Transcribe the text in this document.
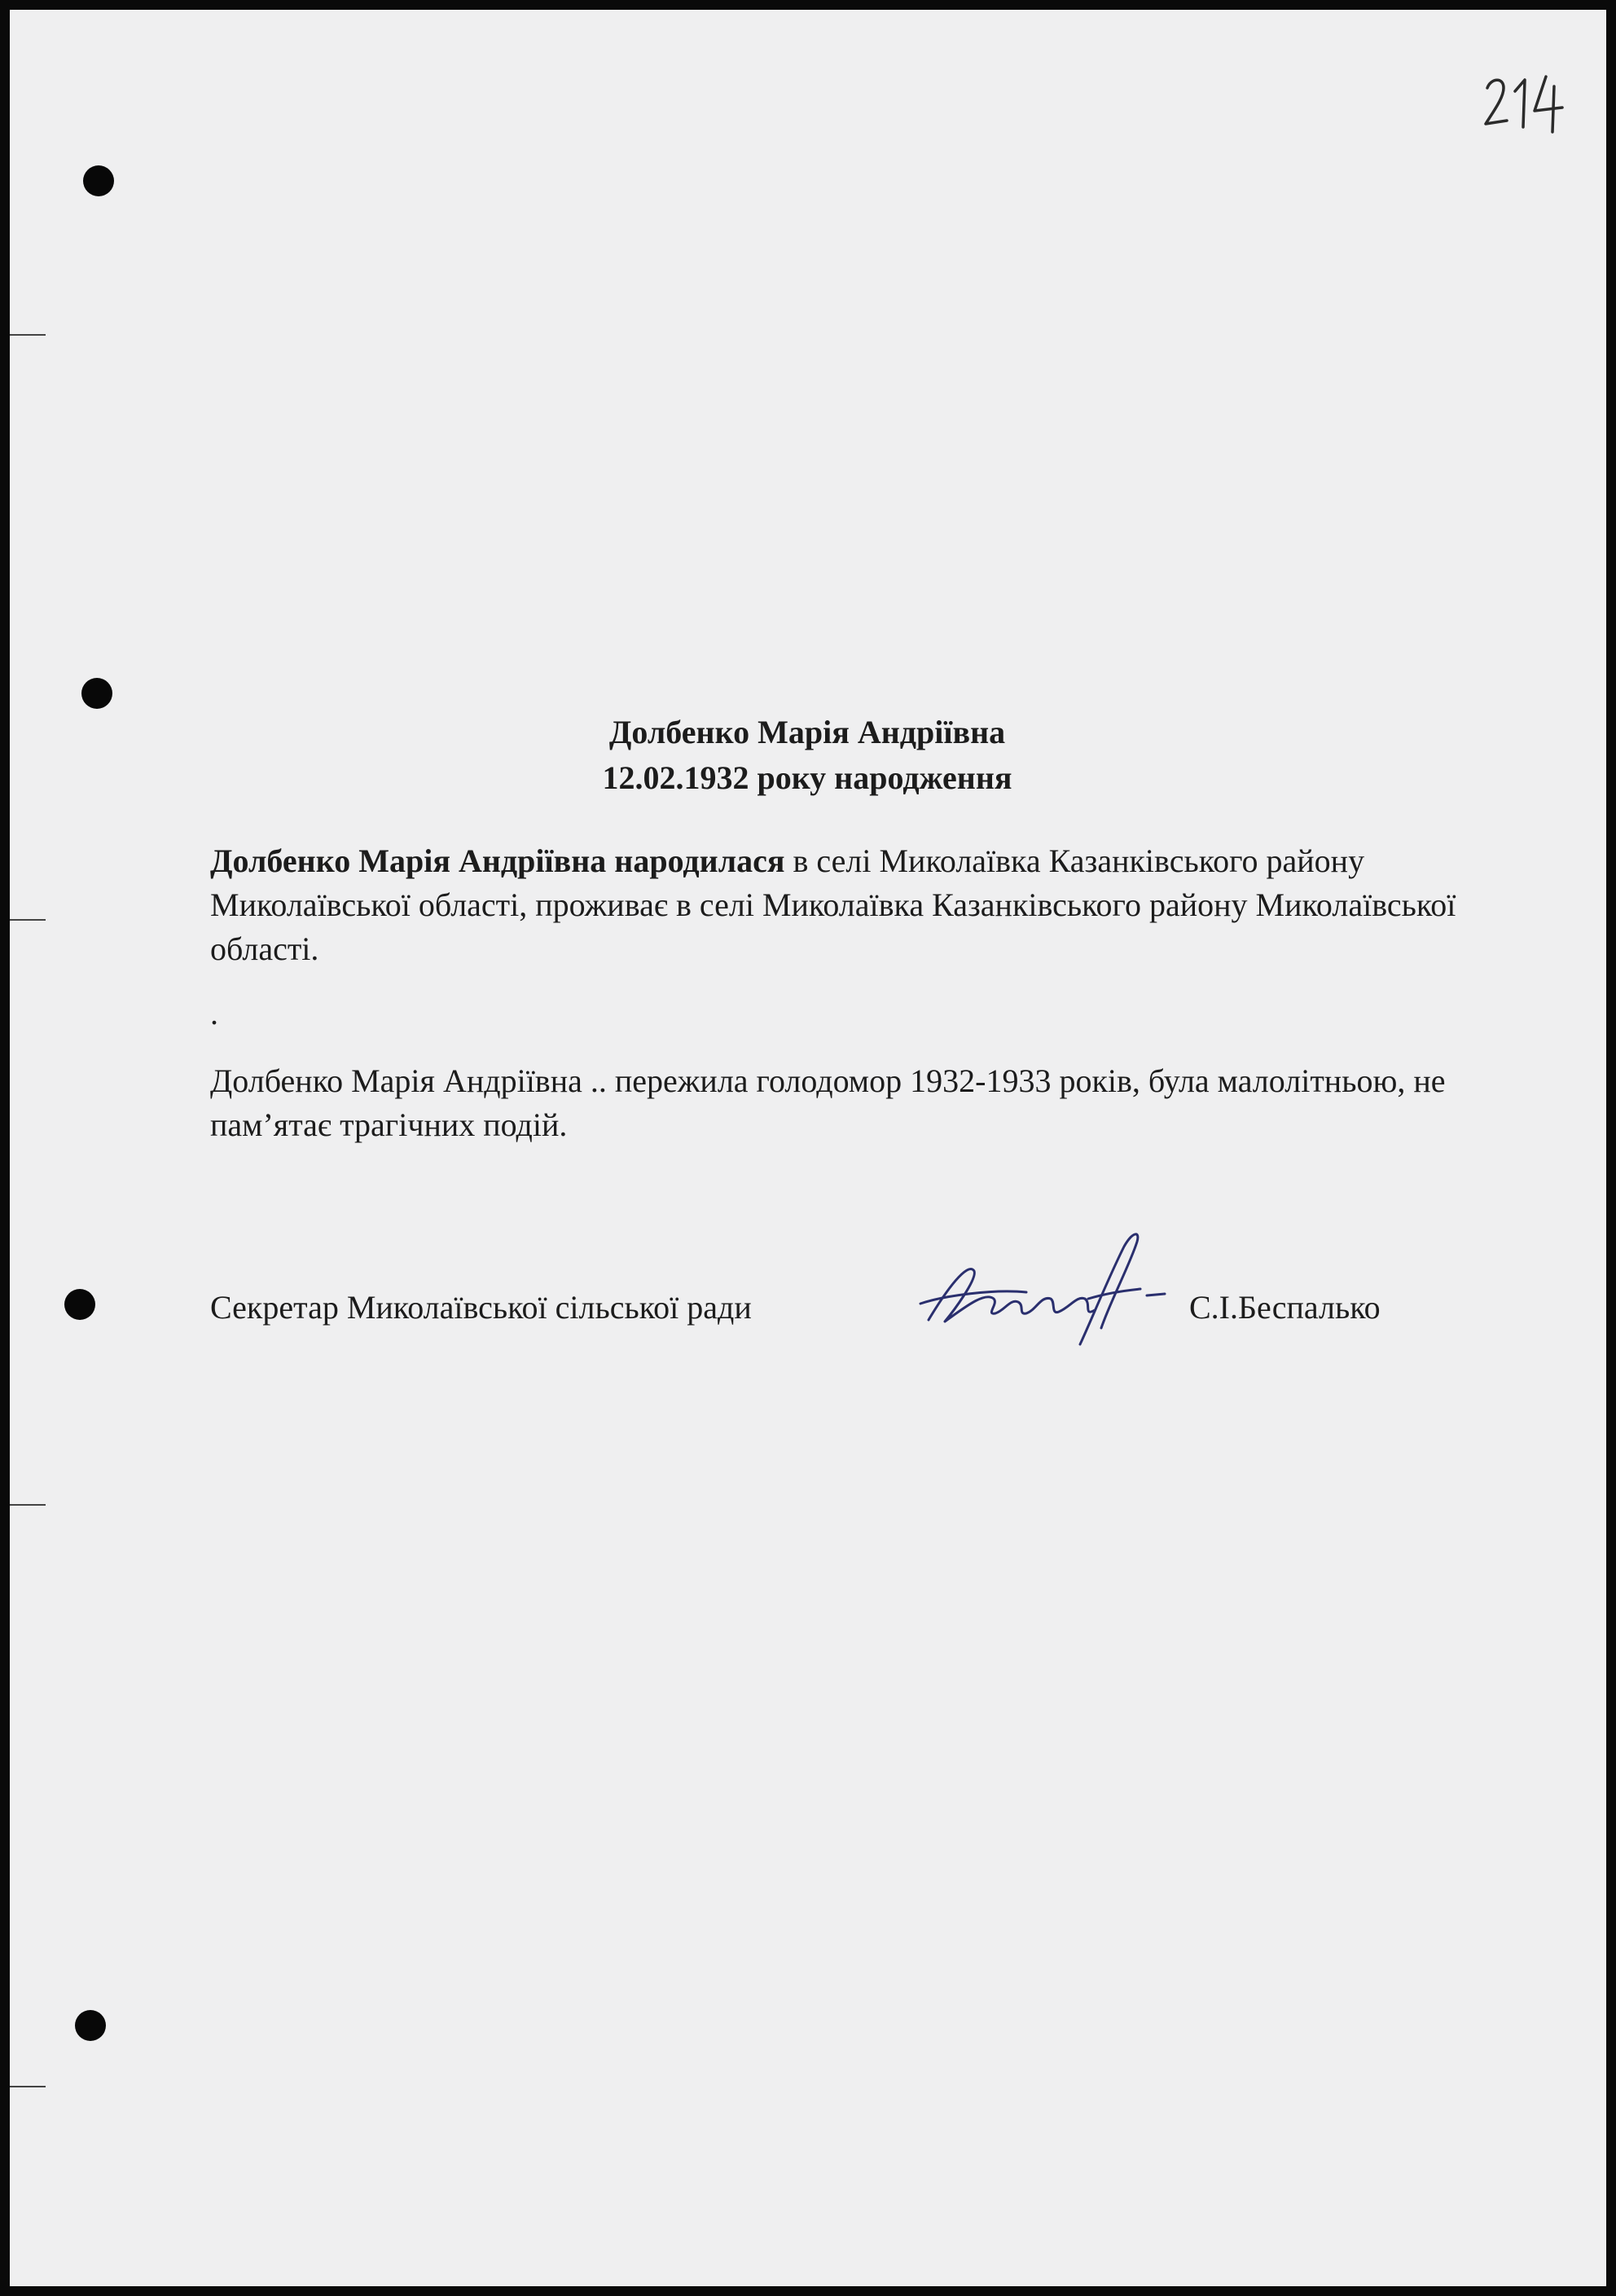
Долбенко Марія Андріївна
12.02.1932 року народження
Долбенко Марія Андріївна народилася в селі Миколаївка Казанківського району Миколаївської області, проживає в селі Миколаївка Казанківського району Миколаївської області.
.
Долбенко Марія Андріївна .. пережила голодомор 1932-1933 років, була малолітньою, не пам’ятає трагічних подій.
Секретар Миколаївської сільської ради	С.І.Беспалько
